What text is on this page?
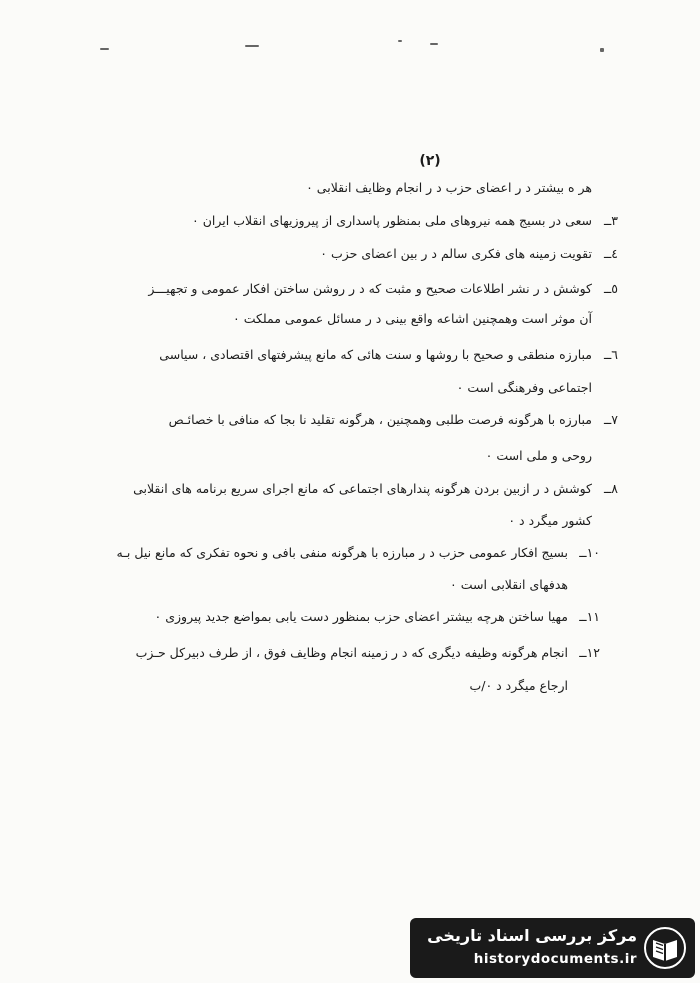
(۲)
هر ه بیشتر د ر اعضای حزب د ر انجام وظایف انقلابی ۰
سعی در بسیج همه نیروهای ملی بمنظور پاسداری از پیروزیهای انقلاب ایران ۰ ۳ــ
تقویت زمینه های فکری سالم د ر بین اعضای حزب ۰ ٤ــ
کوشش د ر نشر اطلاعات صحیح و مثبت که د ر روشن ساختن افکار عمومی و تجهیـــز ٥ــ
آن موثر است وهمچنین اشاعه واقع بینی د ر مسائل عمومی مملکت ۰
مبارزه منطقی و صحیح با روشها و سنت هائی که مانع پیشرفتهای اقتصادی ، سیاسی ٦ــ
اجتماعی وفرهنگی است ۰
مبارزه با هرگونه فرصت طلبی وهمچنین ، هرگونه تقلید نا بجا که منافی با خصائـص ۷ــ
روحی و ملی است ۰
کوشش د ر ازبین بردن هرگونه پندارهای اجتماعی که مانع اجرای سریع برنامه های انقلابی ۸ــ
کشور میگرد د ۰
بسیج افکار عمومی حزب د ر مبارزه با هرگونه منفی بافی و نحوه تفکری که مانع نیل بـه ۱۰ــ
هدفهای انقلابی است ۰
مهیا ساختن هرچه بیشتر اعضای حزب بمنظور دست یابی بمواضع جدید پیروزی ۰ ۱۱ــ
انجام هرگونه وظیفه دیگری که د ر زمینه انجام وظایف فوق ، از طرف دبیرکل حـزب ۱۲ــ
ارجاع میگرد د ۰/ب
مرکز بررسی اسناد تاریخی
historydocuments.ir
